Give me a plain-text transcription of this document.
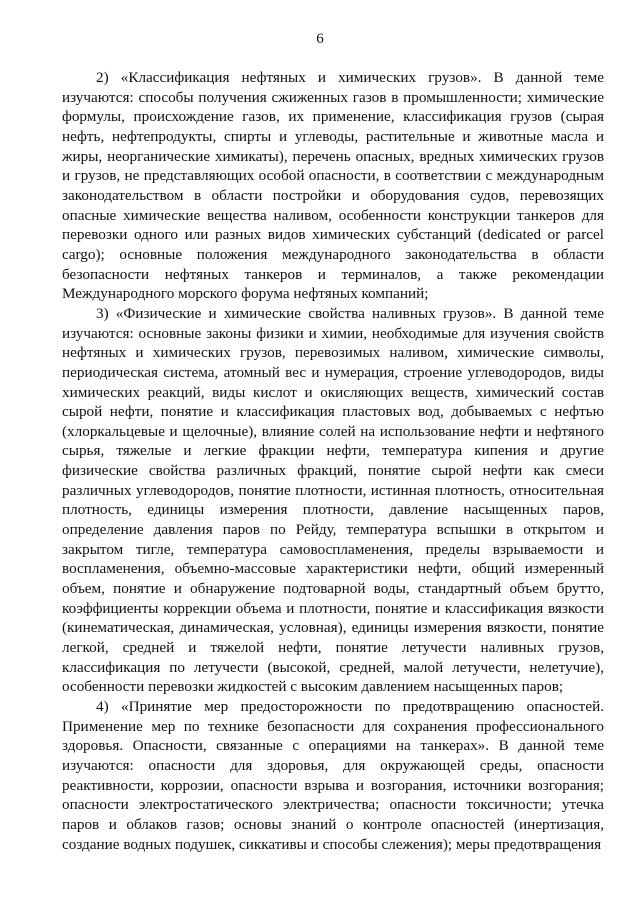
6

2) «Классификация нефтяных и химических грузов». В данной теме изучаются: способы получения сжиженных газов в промышленности; химические формулы, происхождение газов, их применение, классификация грузов (сырая нефть, нефтепродукты, спирты и углеводы, растительные и животные масла и жиры, неорганические химикаты), перечень опасных, вредных химических грузов и грузов, не представляющих особой опасности, в соответствии с международным законодательством в области постройки и оборудования судов, перевозящих опасные химические вещества наливом, особенности конструкции танкеров для перевозки одного или разных видов химических субстанций (dedicated or parcel cargo); основные положения международного законодательства в области безопасности нефтяных танкеров и терминалов, а также рекомендации Международного морского форума нефтяных компаний;

3) «Физические и химические свойства наливных грузов». В данной теме изучаются: основные законы физики и химии, необходимые для изучения свойств нефтяных и химических грузов, перевозимых наливом, химические символы, периодическая система, атомный вес и нумерация, строение углеводородов, виды химических реакций, виды кислот и окисляющих веществ, химический состав сырой нефти, понятие и классификация пластовых вод, добываемых с нефтью (хлоркальцевые и щелочные), влияние солей на использование нефти и нефтяного сырья, тяжелые и легкие фракции нефти, температура кипения и другие физические свойства различных фракций, понятие сырой нефти как смеси различных углеводородов, понятие плотности, истинная плотность, относительная плотность, единицы измерения плотности, давление насыщенных паров, определение давления паров по Рейду, температура вспышки в открытом и закрытом тигле, температура самовоспламенения, пределы взрываемости и воспламенения, объемно-массовые характеристики нефти, общий измеренный объем, понятие и обнаружение подтоварной воды, стандартный объем брутто, коэффициенты коррекции объема и плотности, понятие и классификация вязкости (кинематическая, динамическая, условная), единицы измерения вязкости, понятие легкой, средней и тяжелой нефти, понятие летучести наливных грузов, классификация по летучести (высокой, средней, малой летучести, нелетучие), особенности перевозки жидкостей с высоким давлением насыщенных паров;

4) «Принятие мер предосторожности по предотвращению опасностей. Применение мер по технике безопасности для сохранения профессионального здоровья. Опасности, связанные с операциями на танкерах». В данной теме изучаются: опасности для здоровья, для окружающей среды, опасности реактивности, коррозии, опасности взрыва и возгорания, источники возгорания; опасности электростатического электричества; опасности токсичности; утечка паров и облаков газов; основы знаний о контроле опасностей (инертизация, создание водных подушек, сиккативы и способы слежения); меры предотвращения
